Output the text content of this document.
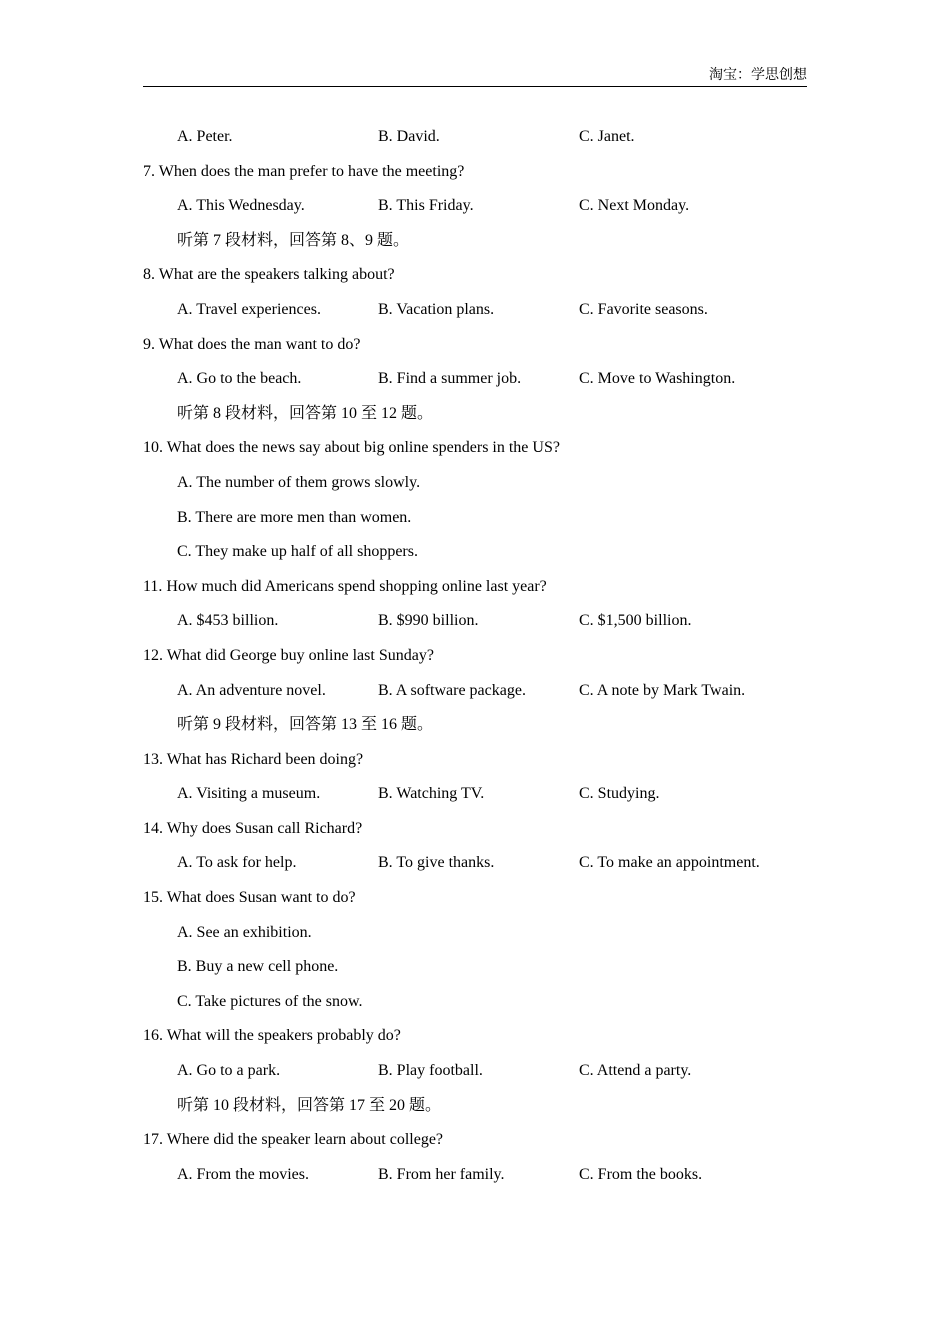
淘宝：学思创想
A. Peter.	B. David.	C. Janet.
7. When does the man prefer to have the meeting?
A. This Wednesday.	B. This Friday.	C. Next Monday.
听第 7 段材料，回答第 8、9 题。
8. What are the speakers talking about?
A. Travel experiences.	B. Vacation plans.	C. Favorite seasons.
9. What does the man want to do?
A. Go to the beach.	B. Find a summer job.	C. Move to Washington.
听第 8 段材料，回答第 10 至 12 题。
10. What does the news say about big online spenders in the US?
A. The number of them grows slowly.
B. There are more men than women.
C. They make up half of all shoppers.
11. How much did Americans spend shopping online last year?
A. $453 billion.	B. $990 billion.	C. $1,500 billion.
12. What did George buy online last Sunday?
A. An adventure novel.	B. A software package.	C. A note by Mark Twain.
听第 9 段材料，回答第 13 至 16 题。
13. What has Richard been doing?
A. Visiting a museum.	B. Watching TV.	C. Studying.
14. Why does Susan call Richard?
A. To ask for help.	B. To give thanks.	C. To make an appointment.
15. What does Susan want to do?
A. See an exhibition.
B. Buy a new cell phone.
C. Take pictures of the snow.
16. What will the speakers probably do?
A. Go to a park.	B. Play football.	C. Attend a party.
听第 10 段材料，回答第 17 至 20 题。
17. Where did the speaker learn about college?
A. From the movies.	B. From her family.	C. From the books.
